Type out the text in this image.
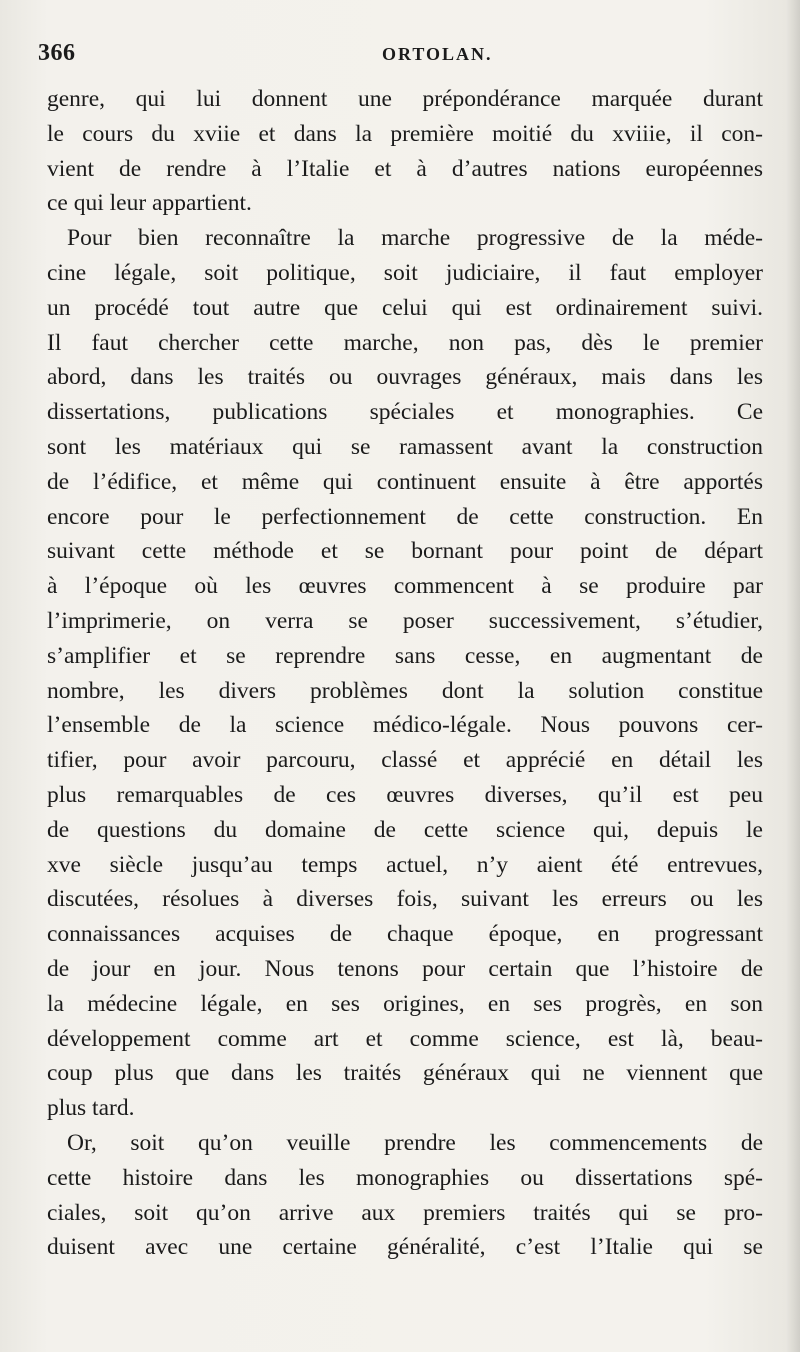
366	ORTOLAN.

genre, qui lui donnent une prépondérance marquée durant
le cours du xviie et dans la première moitié du xviiie, il con-
vient de rendre à l’Italie et à d’autres nations européennes
ce qui leur appartient.

Pour bien reconnaître la marche progressive de la méde-
cine légale, soit politique, soit judiciaire, il faut employer
un procédé tout autre que celui qui est ordinairement suivi.
Il faut chercher cette marche, non pas, dès le premier
abord, dans les traités ou ouvrages généraux, mais dans les
dissertations, publications spéciales et monographies. Ce
sont les matériaux qui se ramassent avant la construction
de l’édifice, et même qui continuent ensuite à être apportés
encore pour le perfectionnement de cette construction. En
suivant cette méthode et se bornant pour point de départ
à l’époque où les œuvres commencent à se produire par
l’imprimerie, on verra se poser successivement, s’étudier,
s’amplifier et se reprendre sans cesse, en augmentant de
nombre, les divers problèmes dont la solution constitue
l’ensemble de la science médico-légale. Nous pouvons cer-
tifier, pour avoir parcouru, classé et apprécié en détail les
plus remarquables de ces œuvres diverses, qu’il est peu
de questions du domaine de cette science qui, depuis le
xve siècle jusqu’au temps actuel, n’y aient été entrevues,
discutées, résolues à diverses fois, suivant les erreurs ou les
connaissances acquises de chaque époque, en progressant
de jour en jour. Nous tenons pour certain que l’histoire de
la médecine légale, en ses origines, en ses progrès, en son
développement comme art et comme science, est là, beau-
coup plus que dans les traités généraux qui ne viennent que
plus tard.

Or, soit qu’on veuille prendre les commencements de
cette histoire dans les monographies ou dissertations spé-
ciales, soit qu’on arrive aux premiers traités qui se pro-
duisent avec une certaine généralité, c’est l’Italie qui se
